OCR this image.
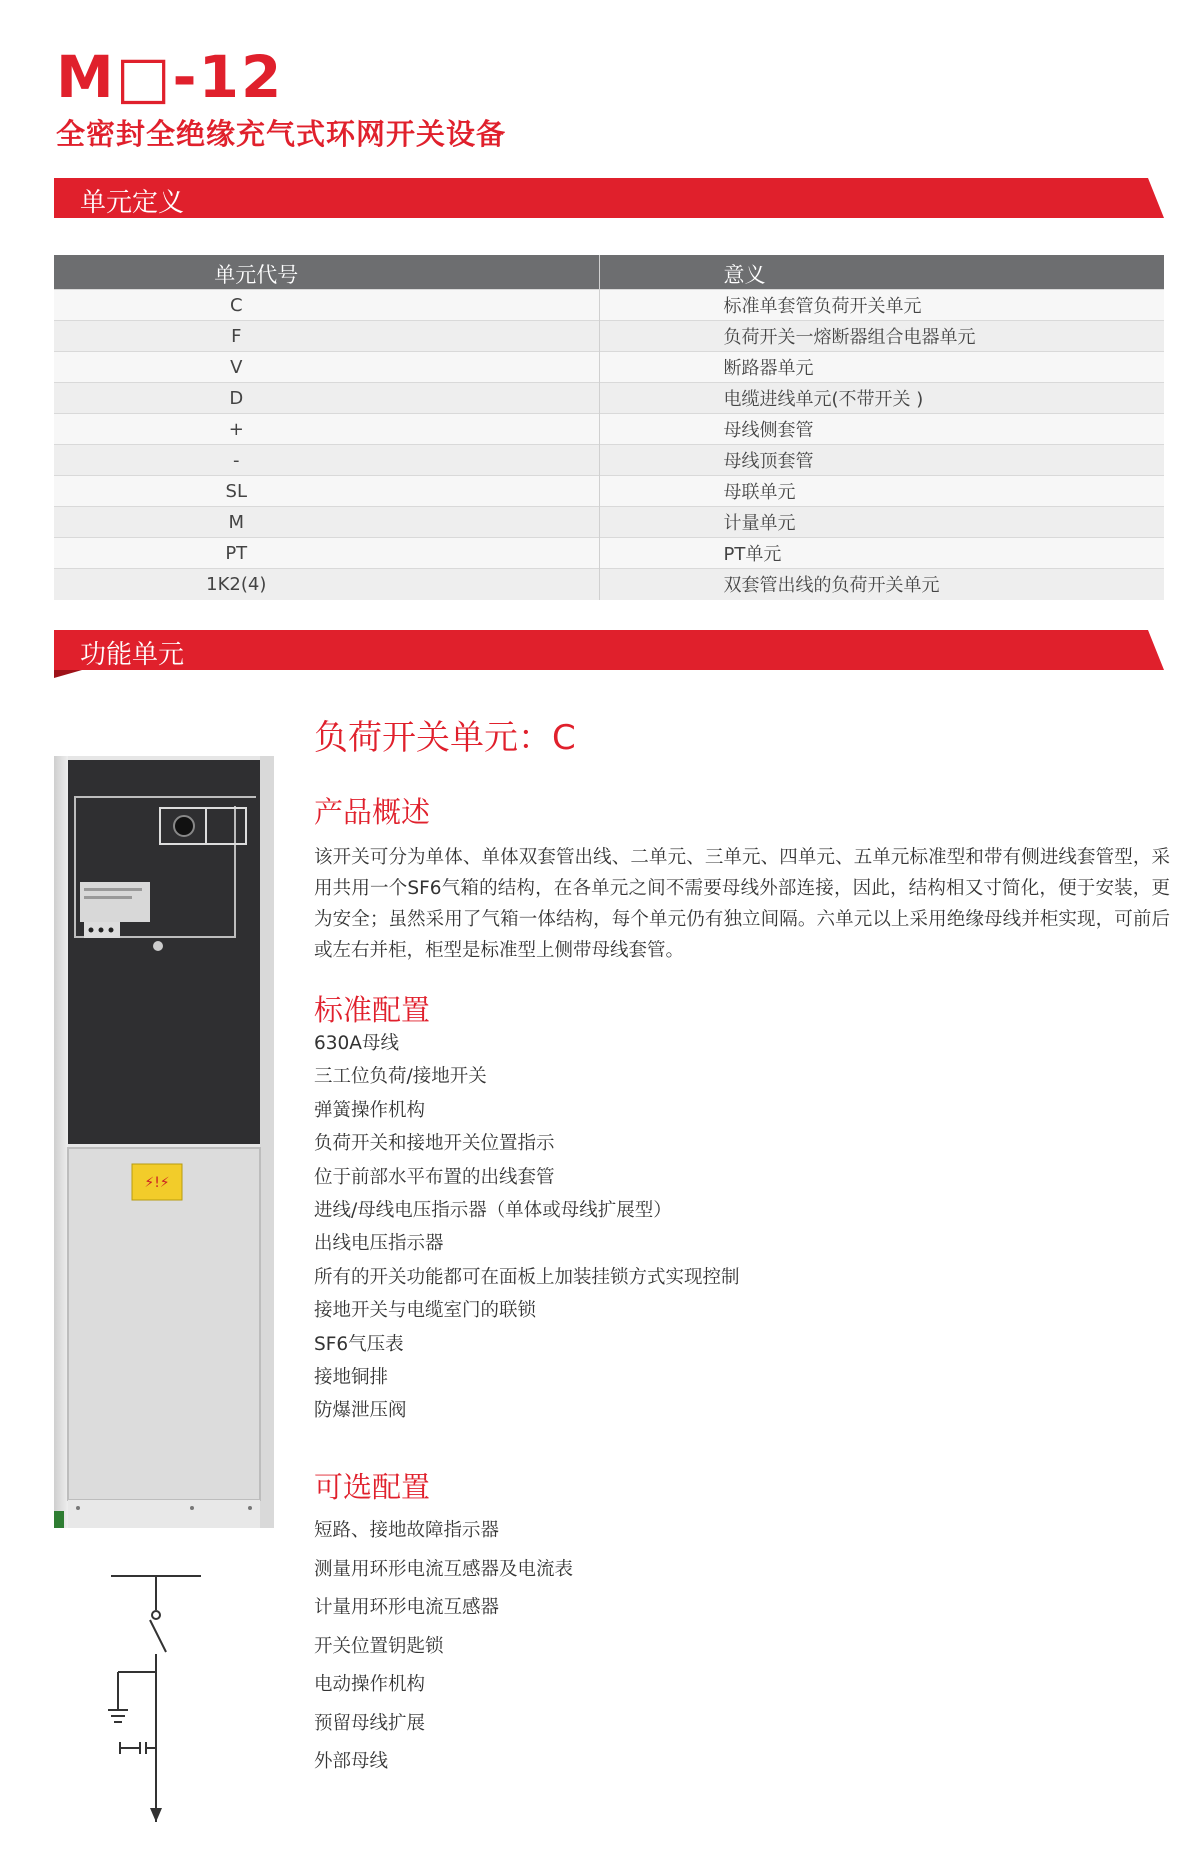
M□-12
全密封全绝缘充气式环网开关设备
单元定义
单元代号	意义
C	标准单套管负荷开关单元
F	负荷开关一熔断器组合电器单元
V	断路器单元
D	电缆进线单元(不带开关 )
+	母线侧套管
-	母线顶套管
SL	母联单元
M	计量单元
PT	PT单元
1K2(4)	双套管出线的负荷开关单元
功能单元
⚡!⚡
负荷开关单元：C
产品概述
该开关可分为单体、单体双套管出线、二单元、三单元、四单元、五单元标准型和带有侧进线套管型，采用共用一个SF6气箱的结构，在各单元之间不需要母线外部连接，因此，结构相又寸简化，便于安装，更为安全；虽然采用了气箱一体结构，每个单元仍有独立间隔。六单元以上采用绝缘母线并柜实现，可前后或左右并柜，柜型是标准型上侧带母线套管。
标准配置
630A母线
三工位负荷/接地开关
弹簧操作机构
负荷开关和接地开关位置指示
位于前部水平布置的出线套管
进线/母线电压指示器（单体或母线扩展型）
出线电压指示器
所有的开关功能都可在面板上加装挂锁方式实现控制
接地开关与电缆室门的联锁
SF6气压表
接地铜排
防爆泄压阀
可选配置
短路、接地故障指示器
测量用环形电流互感器及电流表
计量用环形电流互感器
开关位置钥匙锁
电动操作机构
预留母线扩展
外部母线
